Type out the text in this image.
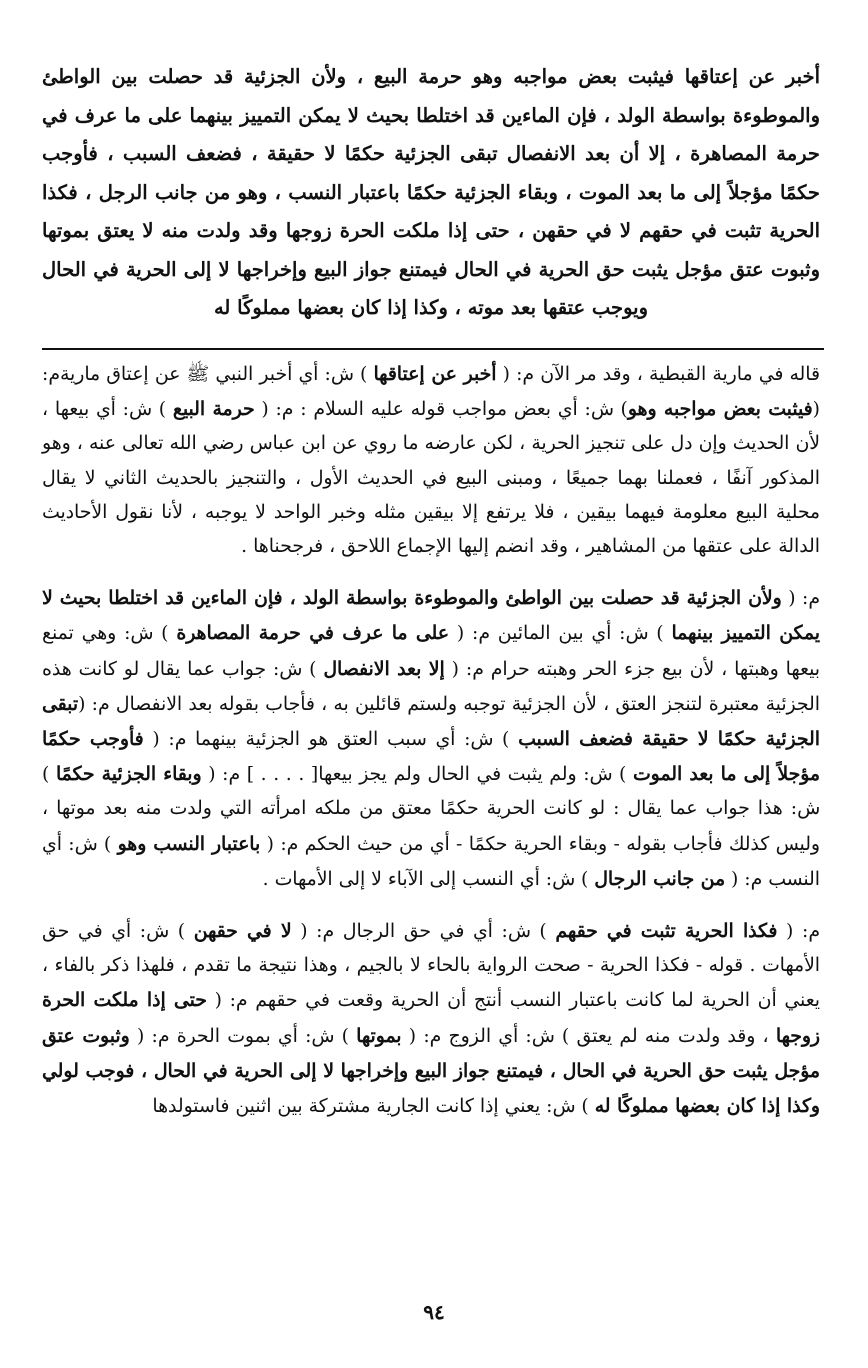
أخبر عن إعتاقها فيثبت بعض مواجبه وهو حرمة البيع ، ولأن الجزئية قد حصلت بين الواطئ والموطوءة بواسطة الولد ، فإن الماءين قد اختلطا بحيث لا يمكن التمييز بينهما على ما عرف في حرمة المصاهرة ، إلا أن بعد الانفصال تبقى الجزئية حكمًا لا حقيقة ، فضعف السبب ، فأوجب حكمًا مؤجلاً إلى ما بعد الموت ، وبقاء الجزئية حكمًا باعتبار النسب ، وهو من جانب الرجل ، فكذا الحرية تثبت في حقهم لا في حقهن ، حتى إذا ملكت الحرة زوجها وقد ولدت منه لا يعتق بموتها وثبوت عتق مؤجل يثبت حق الحرية في الحال فيمتنع جواز البيع وإخراجها لا إلى الحرية في الحال ويوجب عتقها بعد موته ، وكذا إذا كان بعضها مملوكًا له

قاله في مارية القبطية ، وقد مر الآن م: ( أخبر عن إعتاقها ) ش: أي أخبر النبي ﷺ عن إعتاق ماريةم: (فيثبت بعض مواجبه وهو) ش: أي بعض مواجب قوله عليه السلام : م: ( حرمة البيع ) ش: أي بيعها ، لأن الحديث وإن دل على تنجيز الحرية ، لكن عارضه ما روي عن ابن عباس رضي الله تعالى عنه ، وهو المذكور آنفًا ، فعملنا بهما جميعًا ، ومبنى البيع في الحديث الأول ، والتنجيز بالحديث الثاني لا يقال محلية البيع معلومة فيهما بيقين ، فلا يرتفع إلا بيقين مثله وخبر الواحد لا يوجبه ، لأنا نقول الأحاديث الدالة على عتقها من المشاهير ، وقد انضم إليها الإجماع اللاحق ، فرجحناها .

م: ( ولأن الجزئية قد حصلت بين الواطئ والموطوءة بواسطة الولد ، فإن الماءين قد اختلطا بحيث لا يمكن التمييز بينهما ) ش: أي بين المائين م: ( على ما عرف في حرمة المصاهرة ) ش: وهي تمنع بيعها وهبتها ، لأن بيع جزء الحر وهبته حرام م: ( إلا بعد الانفصال ) ش: جواب عما يقال لو كانت هذه الجزئية معتبرة لتنجز العتق ، لأن الجزئية توجبه ولستم قائلين به ، فأجاب بقوله بعد الانفصال م: (تبقى الجزئية حكمًا لا حقيقة فضعف السبب ) ش: أي سبب العتق هو الجزئية بينهما م: ( فأوجب حكمًا مؤجلاً إلى ما بعد الموت ) ش: ولم يثبت في الحال ولم يجز بيعها[ . . . . ] م: ( وبقاء الجزئية حكمًا ) ش: هذا جواب عما يقال : لو كانت الحرية حكمًا معتق من ملكه امرأته التي ولدت منه بعد موتها ، وليس كذلك فأجاب بقوله - وبقاء الحرية حكمًا - أي من حيث الحكم م: ( باعتبار النسب وهو ) ش: أي النسب م: ( من جانب الرجال ) ش: أي النسب إلى الآباء لا إلى الأمهات .

م: ( فكذا الحرية تثبت في حقهم ) ش: أي في حق الرجال م: ( لا في حقهن ) ش: أي في حق الأمهات . قوله - فكذا الحرية - صحت الرواية بالحاء لا بالجيم ، وهذا نتيجة ما تقدم ، فلهذا ذكر بالفاء ، يعني أن الحرية لما كانت باعتبار النسب أنتج أن الحرية وقعت في حقهم م: ( حتى إذا ملكت الحرة زوجها ، وقد ولدت منه لم يعتق ) ش: أي الزوج م: ( بموتها ) ش: أي بموت الحرة م: ( وثبوت عتق مؤجل يثبت حق الحرية في الحال ، فيمتنع جواز البيع وإخراجها لا إلى الحرية في الحال ، فوجب لولي وكذا إذا كان بعضها مملوكًا له ) ش: يعني إذا كانت الجارية مشتركة بين اثنين فاستولدها

٩٤
